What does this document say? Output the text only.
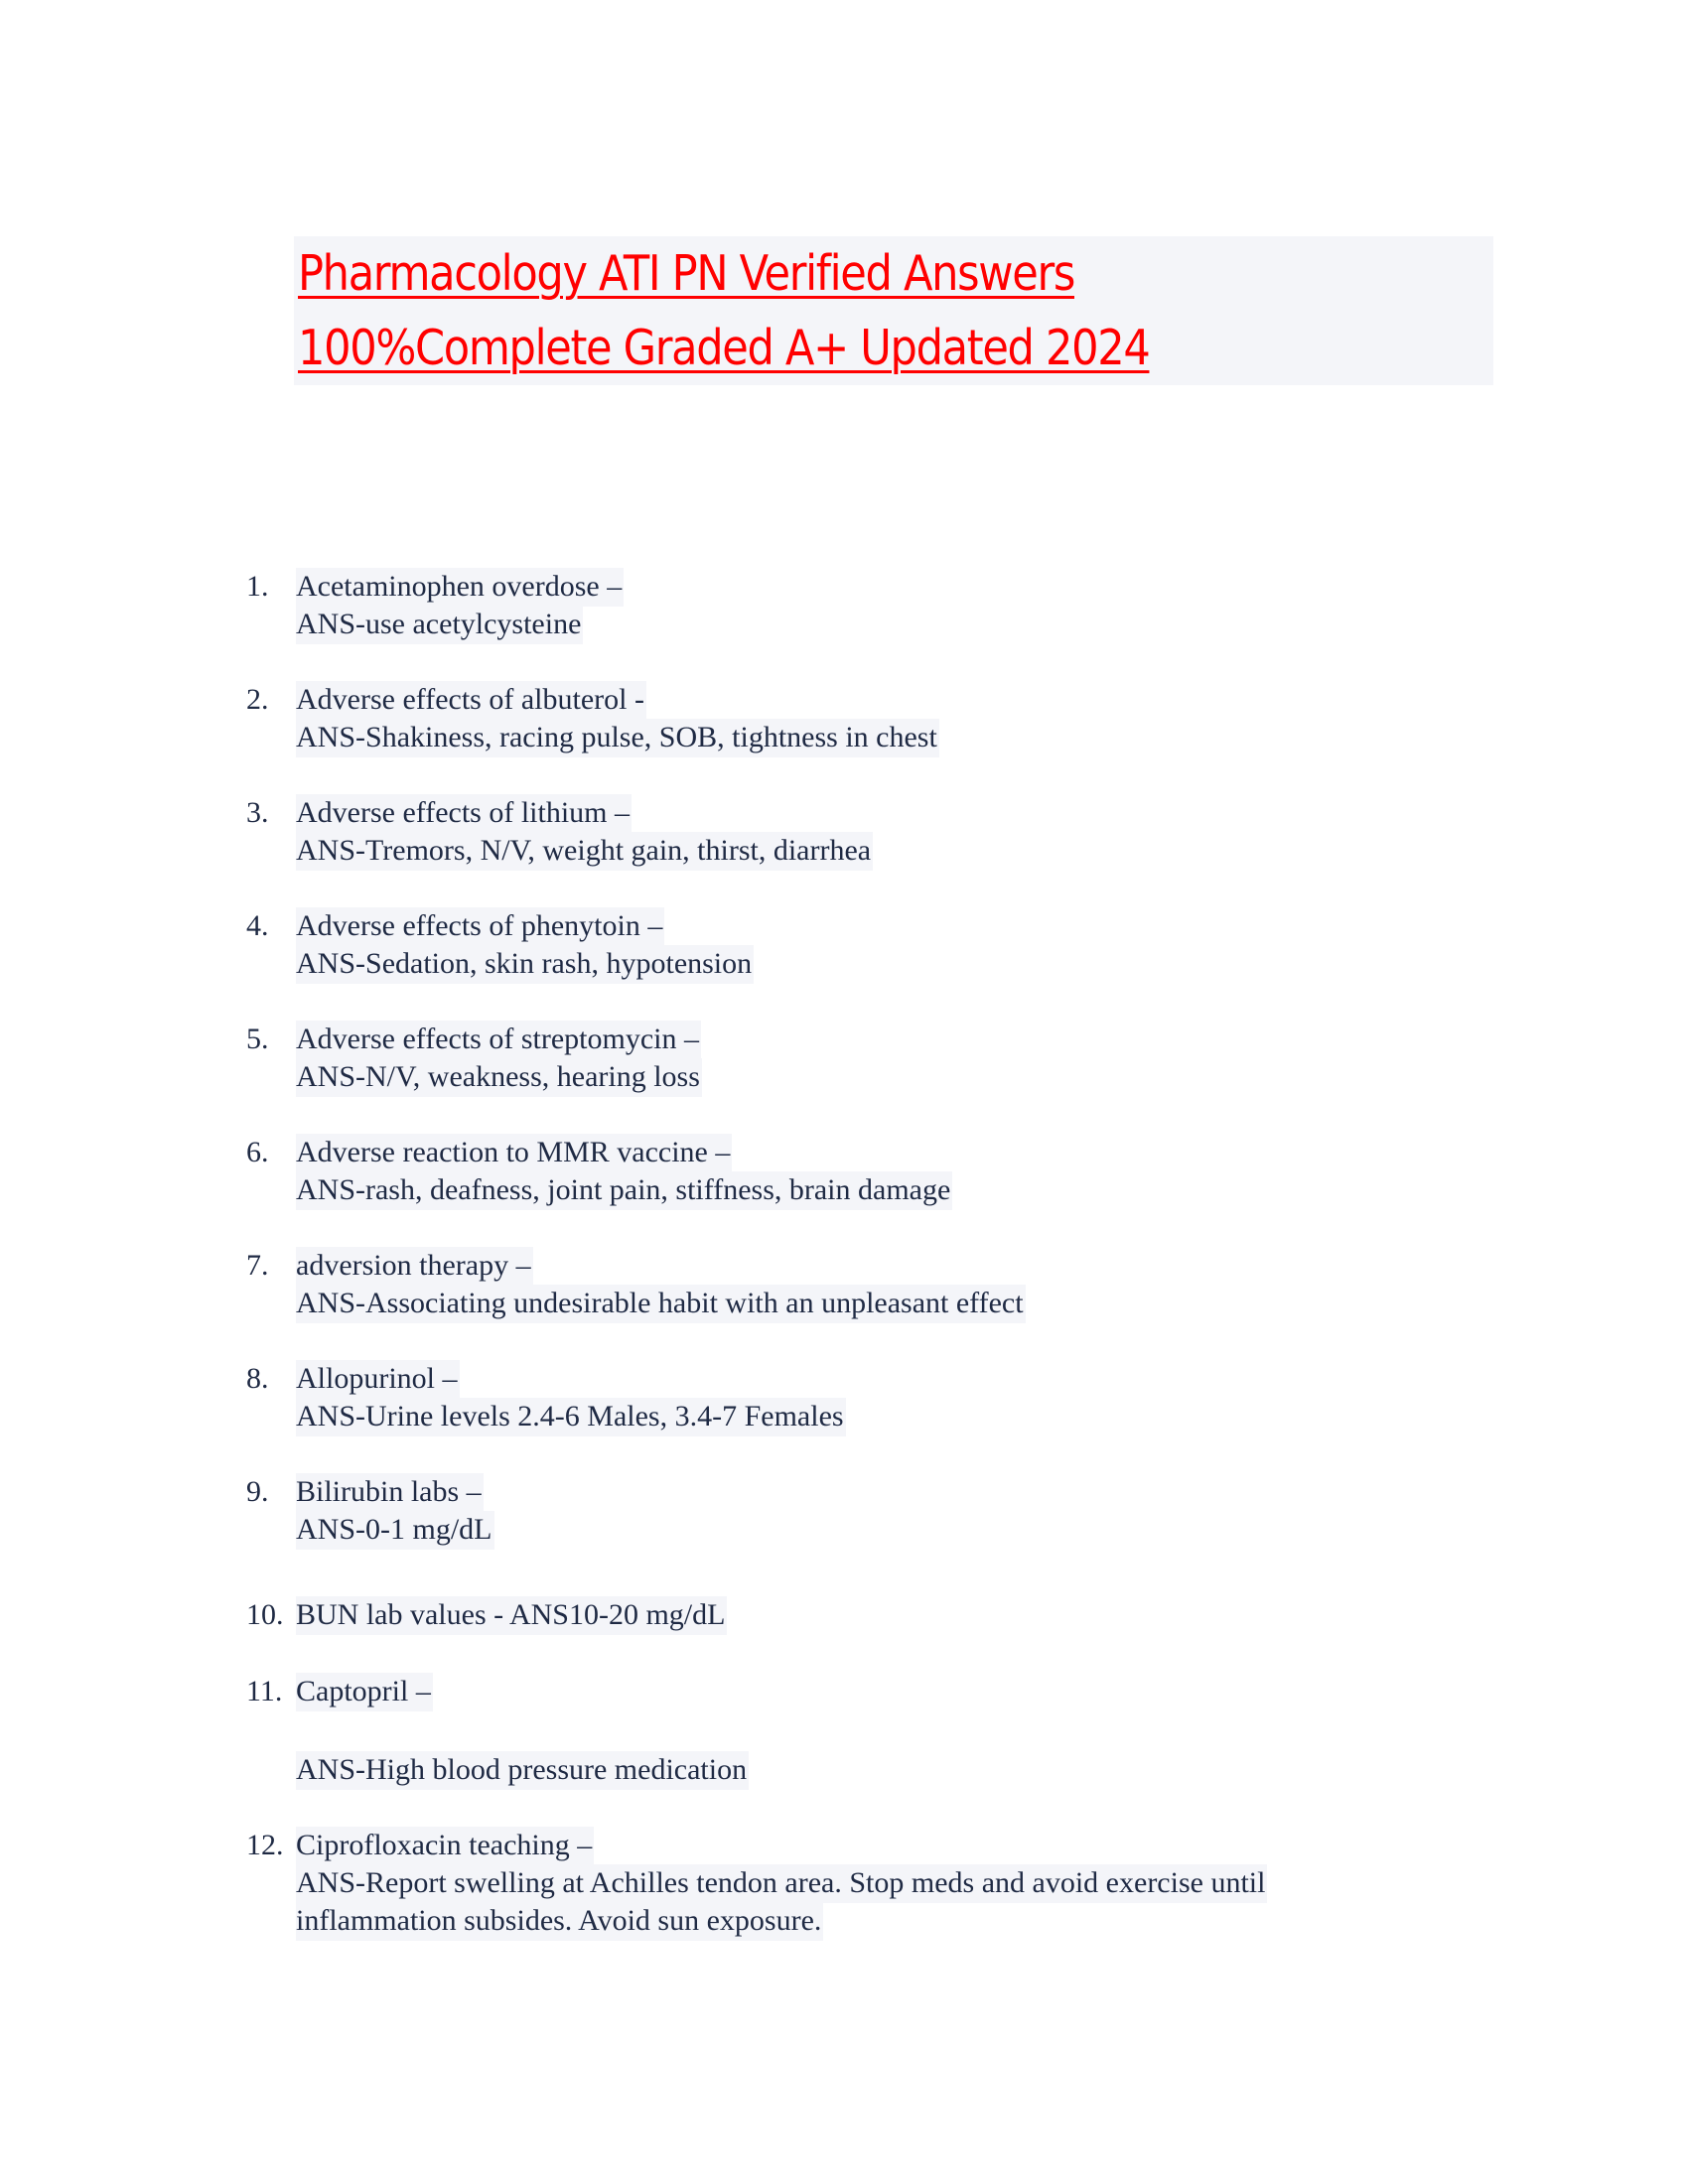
Pharmacology ATI PN Verified Answers
100%Complete Graded A+ Updated 2024
1. Acetaminophen overdose –
ANS-use acetylcysteine
2. Adverse effects of albuterol -
ANS-Shakiness, racing pulse, SOB, tightness in chest
3. Adverse effects of lithium –
ANS-Tremors, N/V, weight gain, thirst, diarrhea
4. Adverse effects of phenytoin –
ANS-Sedation, skin rash, hypotension
5. Adverse effects of streptomycin –
ANS-N/V, weakness, hearing loss
6. Adverse reaction to MMR vaccine –
ANS-rash, deafness, joint pain, stiffness, brain damage
7. adversion therapy –
ANS-Associating undesirable habit with an unpleasant effect
8. Allopurinol –
ANS-Urine levels 2.4-6 Males, 3.4-7 Females
9. Bilirubin labs –
ANS-0-1 mg/dL
10. BUN lab values - ANS10-20 mg/dL
11. Captopril –
ANS-High blood pressure medication
12. Ciprofloxacin teaching –
ANS-Report swelling at Achilles tendon area. Stop meds and avoid exercise until
inflammation subsides. Avoid sun exposure.
